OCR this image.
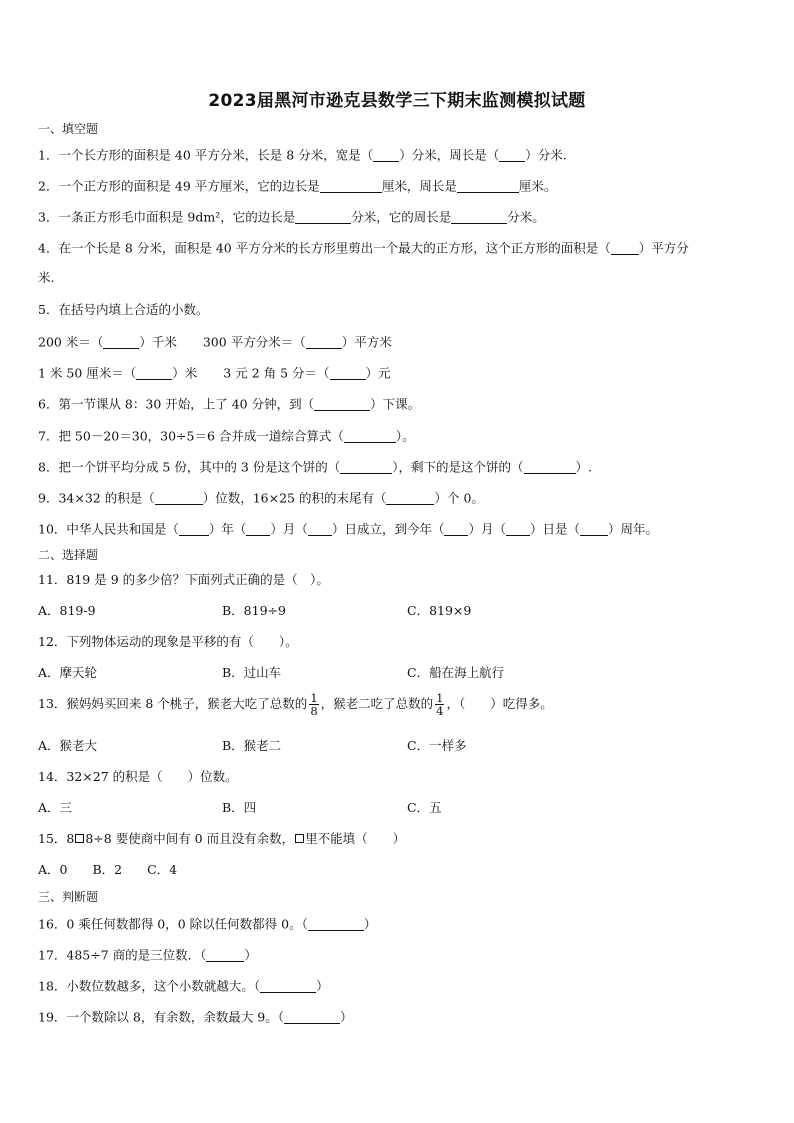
2023届黑河市逊克县数学三下期末监测模拟试题
一、填空题
1．一个长方形的面积是 40 平方分米，长是 8 分米，宽是（ ）分米，周长是（ ）分米.
2．一个正方形的面积是 49 平方厘米，它的边长是	厘米，周长是	厘米。
3．一条正方形毛巾面积是 9dm²，它的边长是	分米，它的周长是	分米。
4．在一个长是 8 分米，面积是 40 平方分米的长方形里剪出一个最大的正方形，这个正方形的面积是（ ）平方分
米.
5．在括号内填上合适的小数。
200 米＝（	）千米 300 平方分米＝（	）平方米
1 米 50 厘米＝（	）米 3 元 2 角 5 分＝（	）元
6．第一节课从 8：30 开始，上了 40 分钟，到（	）下课。
7．把 50－20＝30，30÷5＝6 合并成一道综合算式（	）。
8．把一个饼平均分成 5 份，其中的 3 份是这个饼的（	），剩下的是这个饼的（	）.
9．34×32 的积是（	）位数，16×25 的积的末尾有（	）个 0。
10．中华人民共和国是（ ）年（ ）月（ ）日成立，到今年（ ）月（ ）日是（ ）周年。
二、选择题
11．819 是 9 的多少倍？下面列式正确的是（　）。
A．819-9	B．819÷9	C．819×9
12．下列物体运动的现象是平移的有（　　）。
A．摩天轮	B．过山车	C．船在海上航行
13．猴妈妈买回来 8 个桃子，猴老大吃了总数的 $\frac{1}{8}$ ，猴老二吃了总数的 $\frac{1}{4}$ ，（　　）吃得多。
A．猴老大	B．猴老二	C．一样多
14．32×27 的积是（　　）位数。
A．三	B．四	C．五
15．8 8÷8 要使商中间有 0 而且没有余数， 里不能填（　　）
A．0　　B．2　　C．4
三、判断题
16．0 乘任何数都得 0，0 除以任何数都得 0。（	）
17．485÷7 商的是三位数．（	）
18．小数位数越多，这个小数就越大。（	）
19．一个数除以 8，有余数，余数最大 9。（	）
